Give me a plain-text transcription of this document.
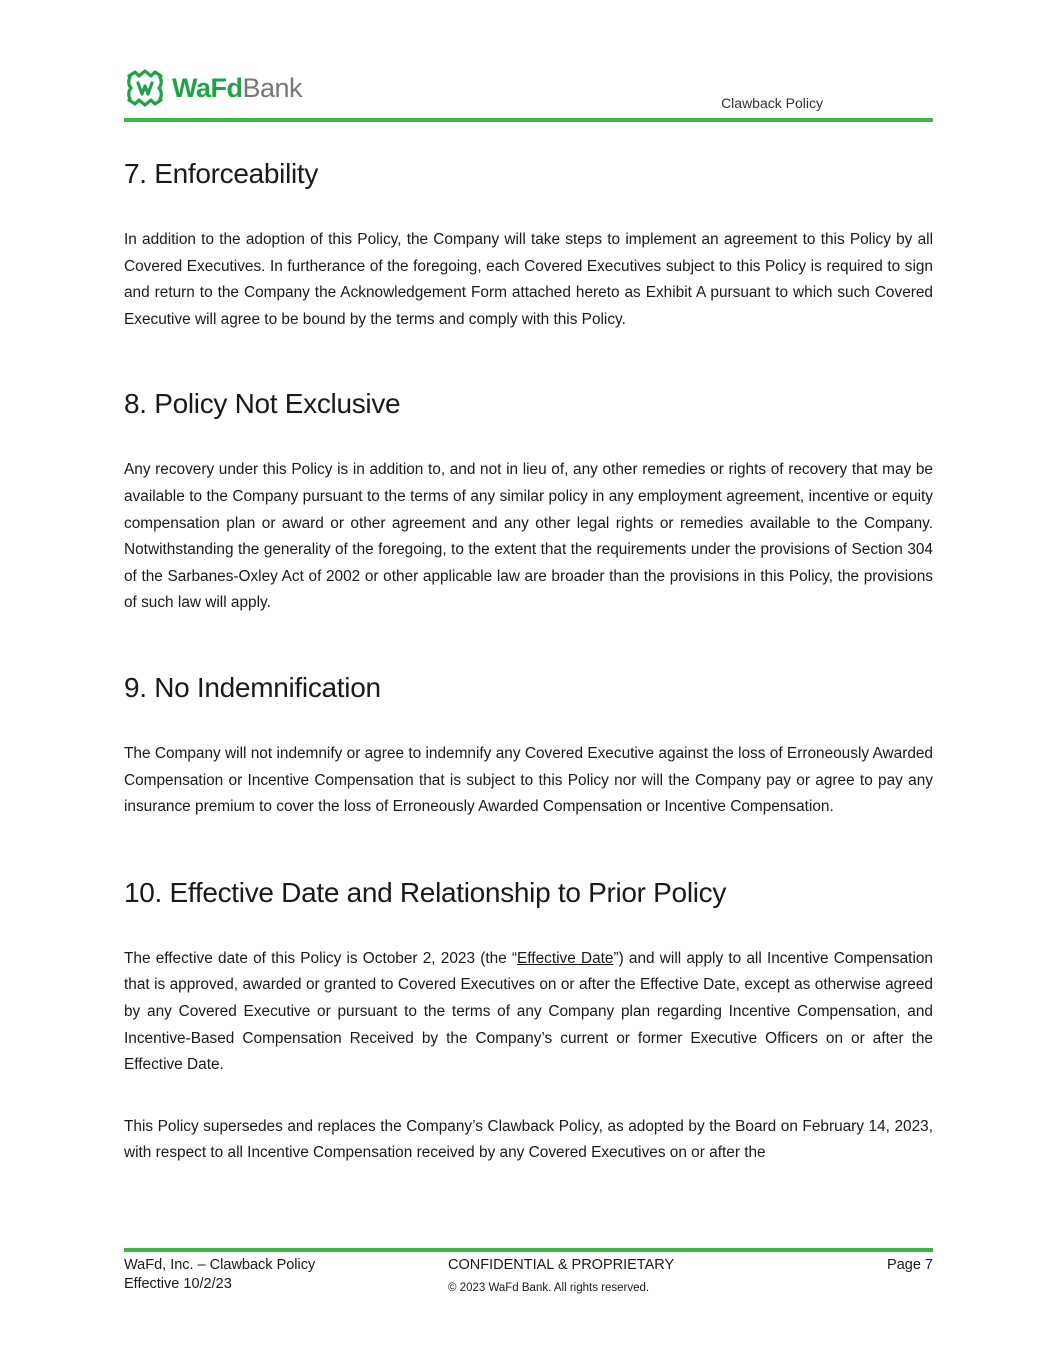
WaFdBank
Clawback Policy
7. Enforceability

In addition to the adoption of this Policy, the Company will take steps to implement an agreement to this Policy by all Covered Executives. In furtherance of the foregoing, each Covered Executives subject to this Policy is required to sign and return to the Company the Acknowledgement Form attached hereto as Exhibit A pursuant to which such Covered Executive will agree to be bound by the terms and comply with this Policy.

8. Policy Not Exclusive

Any recovery under this Policy is in addition to, and not in lieu of, any other remedies or rights of recovery that may be available to the Company pursuant to the terms of any similar policy in any employment agreement, incentive or equity compensation plan or award or other agreement and any other legal rights or remedies available to the Company. Notwithstanding the generality of the foregoing, to the extent that the requirements under the provisions of Section 304 of the Sarbanes-Oxley Act of 2002 or other applicable law are broader than the provisions in this Policy, the provisions of such law will apply.

9. No Indemnification

The Company will not indemnify or agree to indemnify any Covered Executive against the loss of Erroneously Awarded Compensation or Incentive Compensation that is subject to this Policy nor will the Company pay or agree to pay any insurance premium to cover the loss of Erroneously Awarded Compensation or Incentive Compensation.

10. Effective Date and Relationship to Prior Policy

The effective date of this Policy is October 2, 2023 (the “Effective Date”) and will apply to all Incentive Compensation that is approved, awarded or granted to Covered Executives on or after the Effective Date, except as otherwise agreed by any Covered Executive or pursuant to the terms of any Company plan regarding Incentive Compensation, and Incentive-Based Compensation Received by the Company’s current or former Executive Officers on or after the Effective Date.

This Policy supersedes and replaces the Company’s Clawback Policy, as adopted by the Board on February 14, 2023, with respect to all Incentive Compensation received by any Covered Executives on or after the

WaFd, Inc. – Clawback Policy
Effective 10/2/23
CONFIDENTIAL & PROPRIETARY
© 2023 WaFd Bank. All rights reserved.
Page 7
